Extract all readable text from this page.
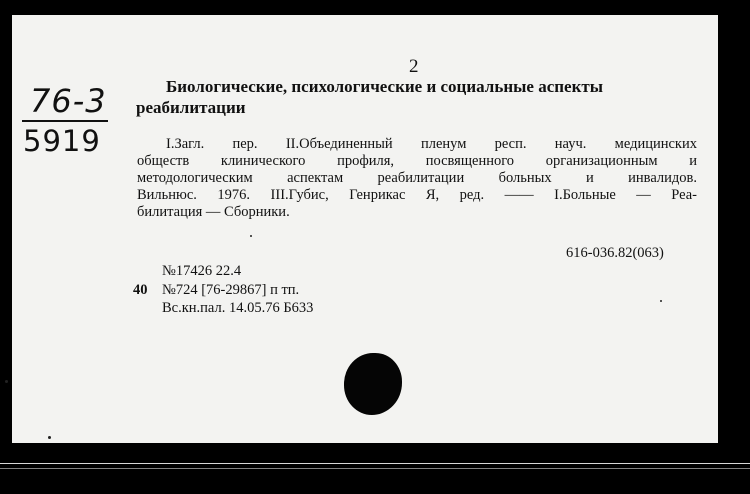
76-3

5919

2

Биологические, психологические и социальные аспекты
реабилитации
I.Загл. пер. II.Объединенный пленум респ. науч. медицинских
обществ клинического профиля, посвященного организационным и
методологическим аспектам реабилитации больных и инвалидов.
Вильнюс. 1976. III.Губис, Генрикас Я, ред. —— I.Больные — Реа-
билитация — Сборники.

616-036.82(063)

№17426 22.4

40 №724 [76-29867] п тп.

Вс.кн.пал. 14.05.76 Б633
